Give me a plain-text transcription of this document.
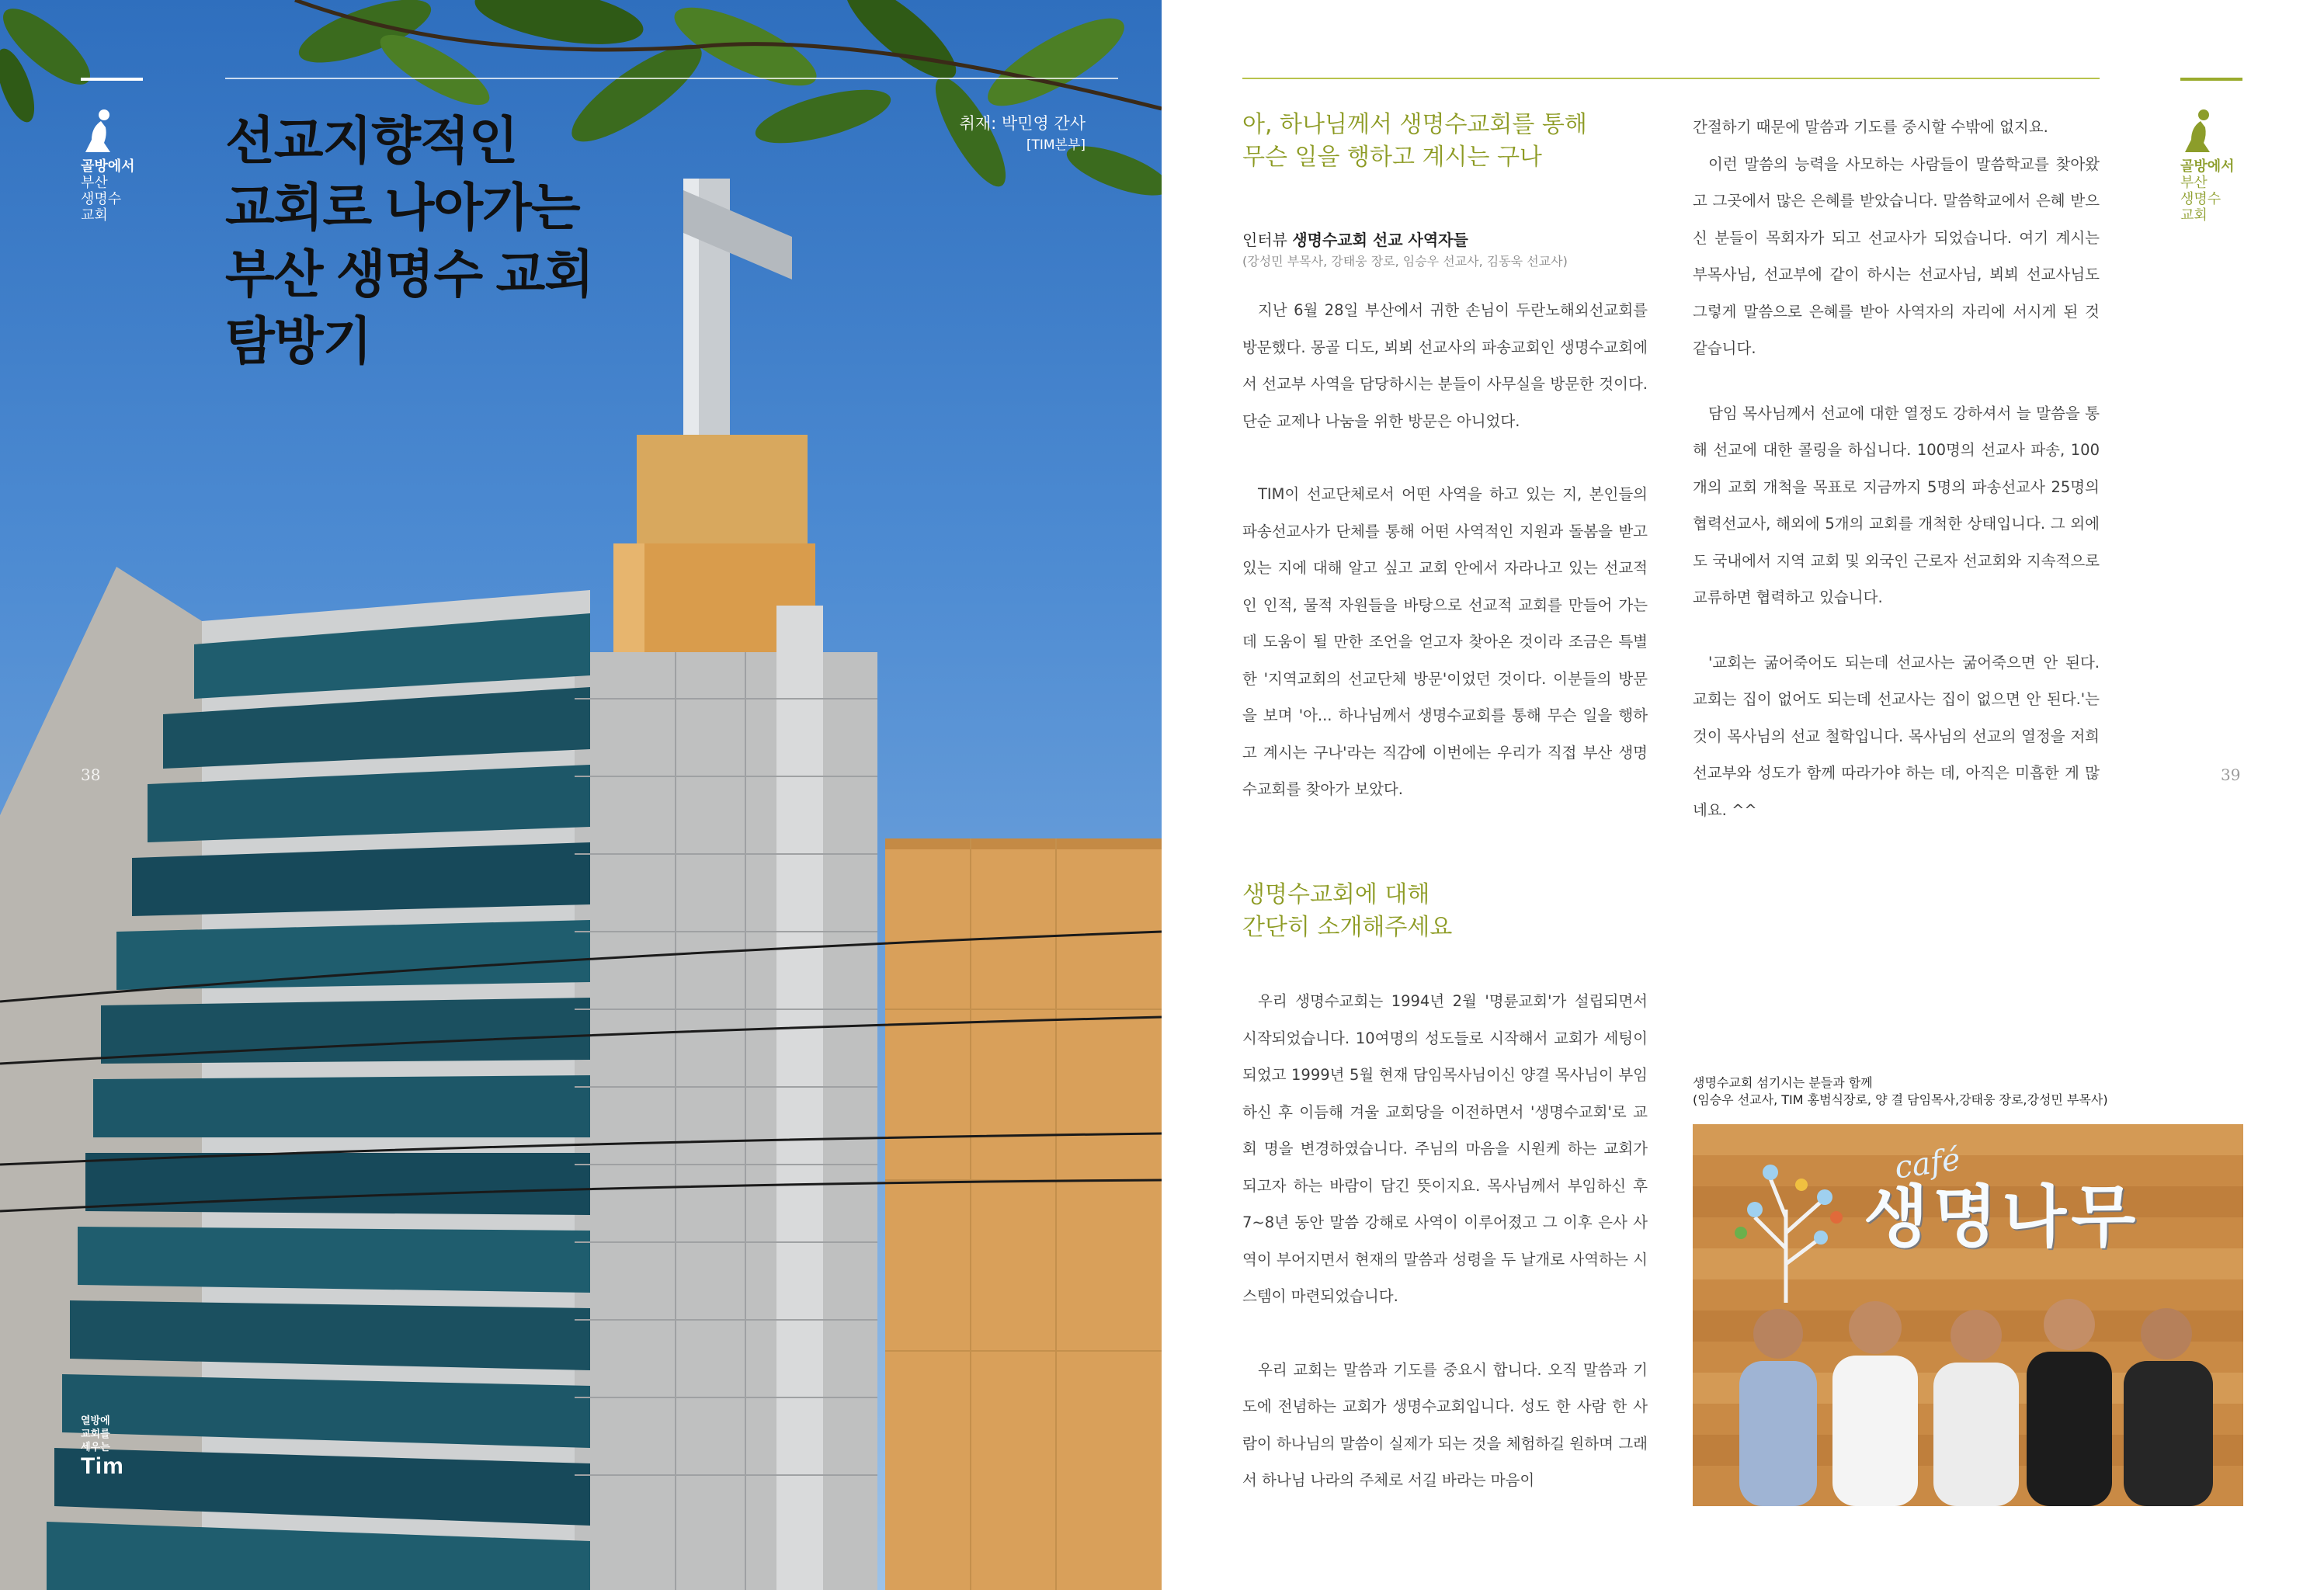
골방에서
부산
생명수
교회
선교지향적인
교회로 나아가는
부산 생명수 교회
탐방기
취재: 박민영 간사
[TIM본부]
38
열방에
교회를
세우는
Tim
골방에서
부산
생명수
교회
39
아, 하나님께서 생명수교회를 통해
무슨 일을 행하고 계시는 구나
인터뷰 생명수교회 선교 사역자들
(강성민 부목사, 강태웅 장로, 임승우 선교사, 김동욱 선교사)

지난 6월 28일 부산에서 귀한 손님이 두란노해외선교회를 방문했다. 몽골 디도, 뵈뵈 선교사의 파송교회인 생명수교회에서 선교부 사역을 담당하시는 분들이 사무실을 방문한 것이다. 단순 교제나 나눔을 위한 방문은 아니었다.

TIM이 선교단체로서 어떤 사역을 하고 있는 지, 본인들의 파송선교사가 단체를 통해 어떤 사역적인 지원과 돌봄을 받고 있는 지에 대해 알고 싶고 교회 안에서 자라나고 있는 선교적인 인적, 물적 자원들을 바탕으로 선교적 교회를 만들어 가는데 도움이 될 만한 조언을 얻고자 찾아온 것이라 조금은 특별한 '지역교회의 선교단체 방문'이었던 것이다. 이분들의 방문을 보며 '아... 하나님께서 생명수교회를 통해 무슨 일을 행하고 계시는 구나'라는 직감에 이번에는 우리가 직접 부산 생명수교회를 찾아가 보았다.

생명수교회에 대해
간단히 소개해주세요

우리 생명수교회는 1994년 2월 '명륜교회'가 설립되면서 시작되었습니다. 10여명의 성도들로 시작해서 교회가 세팅이 되었고 1999년 5월 현재 담임목사님이신 양결 목사님이 부임하신 후 이듬해 겨울 교회당을 이전하면서 '생명수교회'로 교회 명을 변경하였습니다. 주님의 마음을 시원케 하는 교회가 되고자 하는 바람이 담긴 뜻이지요. 목사님께서 부임하신 후 7~8년 동안 말씀 강해로 사역이 이루어졌고 그 이후 은사 사역이 부어지면서 현재의 말씀과 성령을 두 날개로 사역하는 시스템이 마련되었습니다.

우리 교회는 말씀과 기도를 중요시 합니다. 오직 말씀과 기도에 전념하는 교회가 생명수교회입니다. 성도 한 사람 한 사람이 하나님의 말씀이 실제가 되는 것을 체험하길 원하며 그래서 하나님 나라의 주체로 서길 바라는 마음이

간절하기 때문에 말씀과 기도를 중시할 수밖에 없지요.

이런 말씀의 능력을 사모하는 사람들이 말씀학교를 찾아왔고 그곳에서 많은 은혜를 받았습니다. 말씀학교에서 은혜 받으신 분들이 목회자가 되고 선교사가 되었습니다. 여기 계시는 부목사님, 선교부에 같이 하시는 선교사님, 뵈뵈 선교사님도 그렇게 말씀으로 은혜를 받아 사역자의 자리에 서시게 된 것 같습니다.

담임 목사님께서 선교에 대한 열정도 강하셔서 늘 말씀을 통해 선교에 대한 콜링을 하십니다. 100명의 선교사 파송, 100개의 교회 개척을 목표로 지금까지 5명의 파송선교사 25명의 협력선교사, 해외에 5개의 교회를 개척한 상태입니다. 그 외에도 국내에서 지역 교회 및 외국인 근로자 선교회와 지속적으로 교류하면 협력하고 있습니다.

'교회는 굶어죽어도 되는데 선교사는 굶어죽으면 안 된다. 교회는 집이 없어도 되는데 선교사는 집이 없으면 안 된다.'는 것이 목사님의 선교 철학입니다. 목사님의 선교의 열정을 저희 선교부와 성도가 함께 따라가야 하는 데, 아직은 미흡한 게 많네요. ^^

생명수교회 섬기시는 분들과 함께
(임승우 선교사, TIM 홍범식장로, 양 결 담임목사,강태웅 장로,강성민 부목사)
café
생명나무
